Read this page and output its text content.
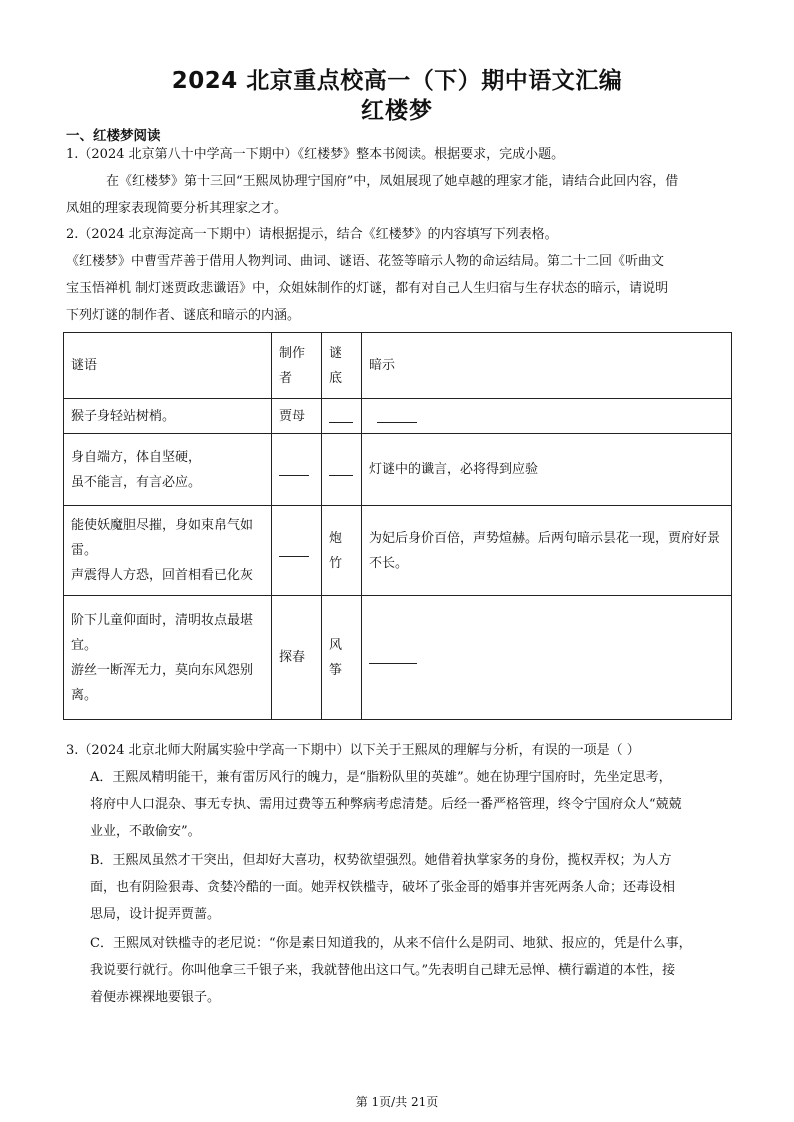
2024 北京重点校高一（下）期中语文汇编
红楼梦
一、红楼梦阅读
1.（2024 北京第八十中学高一下期中）《红楼梦》整本书阅读。根据要求，完成小题。
在《红楼梦》第十三回“王熙凤协理宁国府”中，凤姐展现了她卓越的理家才能，请结合此回内容，借
凤姐的理家表现简要分析其理家之才。
2.（2024 北京海淀高一下期中）请根据提示，结合《红楼梦》的内容填写下列表格。
《红楼梦》中曹雪芹善于借用人物判词、曲词、谜语、花签等暗示人物的命运结局。第二十二回《听曲文
宝玉悟禅机 制灯迷贾政悲谶语》中，众姐妹制作的灯谜，都有对自己人生归宿与生存状态的暗示，请说明
下列灯谜的制作者、谜底和暗示的内涵。
谜语	制作者	谜底	暗示
猴子身轻站树梢。	贾母		

身自端方，体自坚硬，
虽不能言，有言必应。			灯谜中的谶言，必将得到应验

能使妖魔胆尽摧，身如束帛气如
雷。
声震得人方恐，回首相看已化灰		炮竹	为妃后身价百倍，声势煊赫。后两句暗示昙花一现，贾府好景不长。

阶下儿童仰面时，清明妆点最堪
宜。
游丝一断浑无力，莫向东风怨别
离。	探春	风筝	

3.（2024 北京北师大附属实验中学高一下期中）以下关于王熙凤的理解与分析，有误的一项是（ ）
A．王熙凤精明能干，兼有雷厉风行的魄力，是“脂粉队里的英雄”。她在协理宁国府时，先坐定思考，
将府中人口混杂、事无专执、需用过费等五种弊病考虑清楚。后经一番严格管理，终令宁国府众人“兢兢
业业，不敢偷安”。
B．王熙凤虽然才干突出，但却好大喜功，权势欲望强烈。她借着执掌家务的身份，揽权弄权；为人方
面，也有阴险狠毒、贪婪冷酷的一面。她弄权铁槛寺，破坏了张金哥的婚事并害死两条人命；还毒设相
思局，设计捉弄贾蔷。
C．王熙凤对铁槛寺的老尼说：“你是素日知道我的，从来不信什么是阴司、地狱、报应的，凭是什么事，
我说要行就行。你叫他拿三千银子来，我就替他出这口气。”先表明自己肆无忌惮、横行霸道的本性，接
着便赤裸裸地要银子。
第 1页/共 21页
